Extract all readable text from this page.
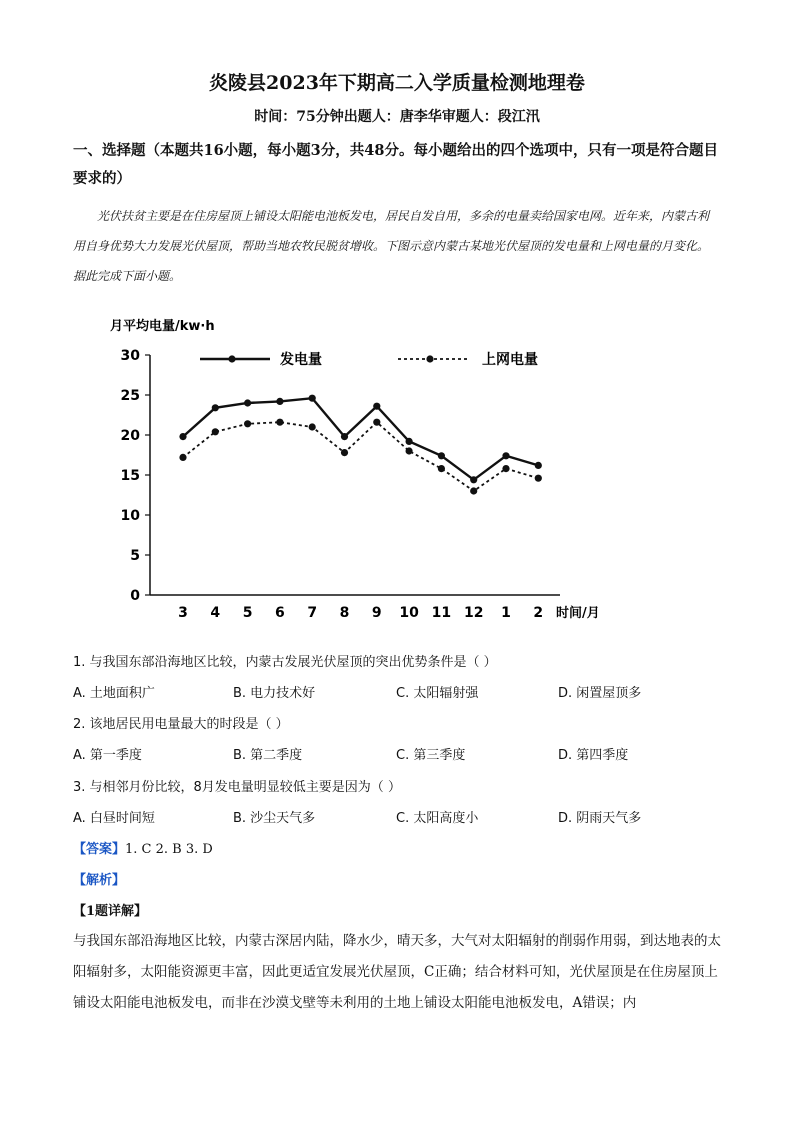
炎陵县2023年下期高二入学质量检测地理卷
时间：75分钟出题人：唐李华审题人：段江汛
一、选择题（本题共16小题，每小题3分，共48分。每小题给出的四个选项中，只有一项是符合题目要求的）
光伏扶贫主要是在住房屋顶上铺设太阳能电池板发电，居民自发自用，多余的电量卖给国家电网。近年来，内蒙古利用自身优势大力发展光伏屋顶，帮助当地农牧民脱贫增收。下图示意内蒙古某地光伏屋顶的发电量和上网电量的月变化。据此完成下面小题。
0
5
10
15
20
25
30
3 4 5 6 7 8 9 10 11 12 1 2
月平均电量/kw·h
时间/月
发电量	上网电量
1. 与我国东部沿海地区比较，内蒙古发展光伏屋顶的突出优势条件是（ ）
A. 土地面积广	B. 电力技术好	C. 太阳辐射强	D. 闲置屋顶多
2. 该地居民用电量最大的时段是（ ）
A. 第一季度	B. 第二季度	C. 第三季度	D. 第四季度
3. 与相邻月份比较，8月发电量明显较低主要是因为（ ）
A. 白昼时间短	B. 沙尘天气多	C. 太阳高度小	D. 阴雨天气多
【答案】1. C 2. B 3. D
【解析】
【1题详解】

与我国东部沿海地区比较，内蒙古深居内陆，降水少，晴天多，大气对太阳辐射的削弱作用弱，到达地表的太阳辐射多，太阳能资源更丰富，因此更适宜发展光伏屋顶，C正确；结合材料可知，光伏屋顶是在住房屋顶上铺设太阳能电池板发电，而非在沙漠戈壁等未利用的土地上铺设太阳能电池板发电，A错误；内
